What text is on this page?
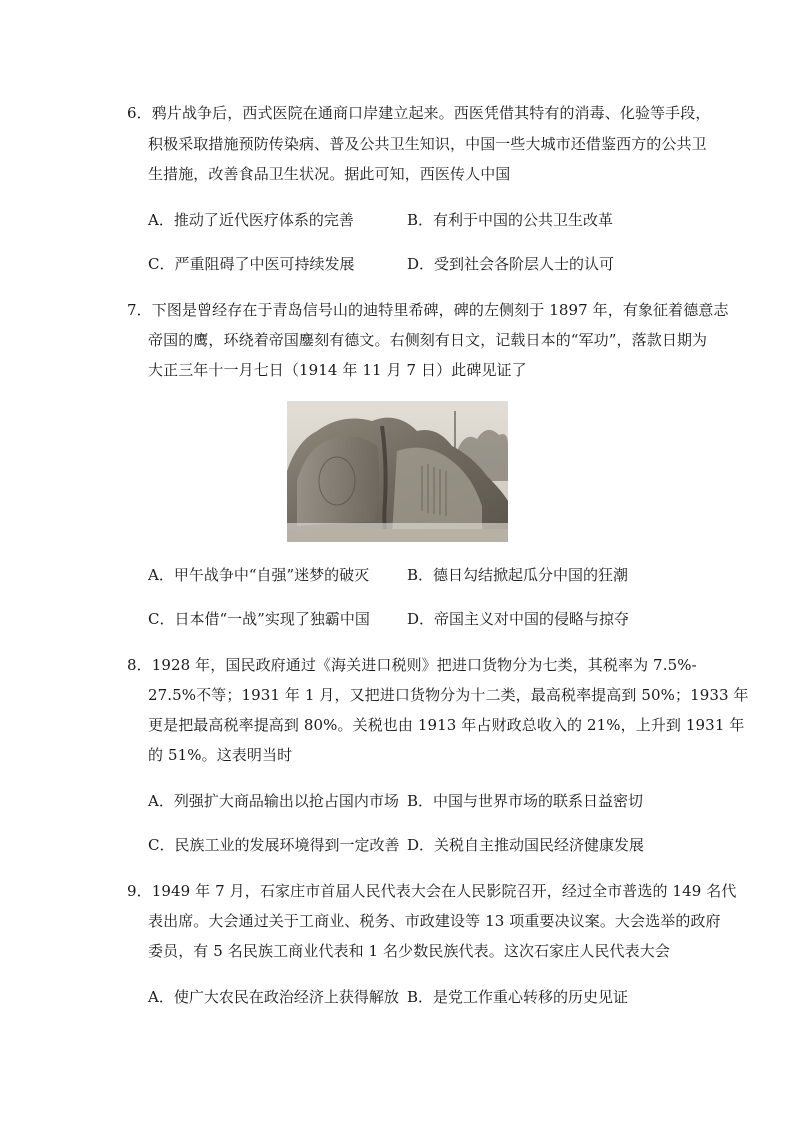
6．鸦片战争后，西式医院在通商口岸建立起来。西医凭借其特有的消毒、化验等手段，
积极采取措施预防传染病、普及公共卫生知识，中国一些大城市还借鉴西方的公共卫
生措施，改善食品卫生状况。据此可知，西医传人中国
A．推动了近代医疗体系的完善	B．有利于中国的公共卫生改革
C．严重阻碍了中医可持续发展	D．受到社会各阶层人士的认可
7．下图是曾经存在于青岛信号山的迪特里希碑，碑的左侧刻于 1897 年，有象征着德意志
帝国的鹰，环绕着帝国鏖刻有德文。右侧刻有日文，记载日本的“军功”，落款日期为
大正三年十一月七日（1914 年 11 月 7 日）此碑见证了
A．甲午战争中“自强”迷梦的破灭	B．德日勾结掀起瓜分中国的狂潮
C．日本借“一战”实现了独霸中国 D．帝国主义对中国的侵略与掠夺
8．1928 年，国民政府通过《海关进口税则》把进口货物分为七类，其税率为 7.5%-
27.5%不等；1931 年 1 月，又把进口货物分为十二类，最高税率提高到 50%；1933 年
更是把最高税率提高到 80%。关税也由 1913 年占财政总收入的 21%，上升到 1931 年
的 51%。这表明当时
A．列强扩大商品输出以抢占国内市场 B．中国与世界市场的联系日益密切
C．民族工业的发展环境得到一定改善 D．关税自主推动国民经济健康发展
9．1949 年 7 月，石家庄市首届人民代表大会在人民影院召开，经过全市普选的 149 名代
表出席。大会通过关于工商业、税务、市政建设等 13 项重要决议案。大会选举的政府
委员，有 5 名民族工商业代表和 1 名少数民族代表。这次石家庄人民代表大会
A．使广大农民在政治经济上获得解放 B．是党工作重心转移的历史见证
